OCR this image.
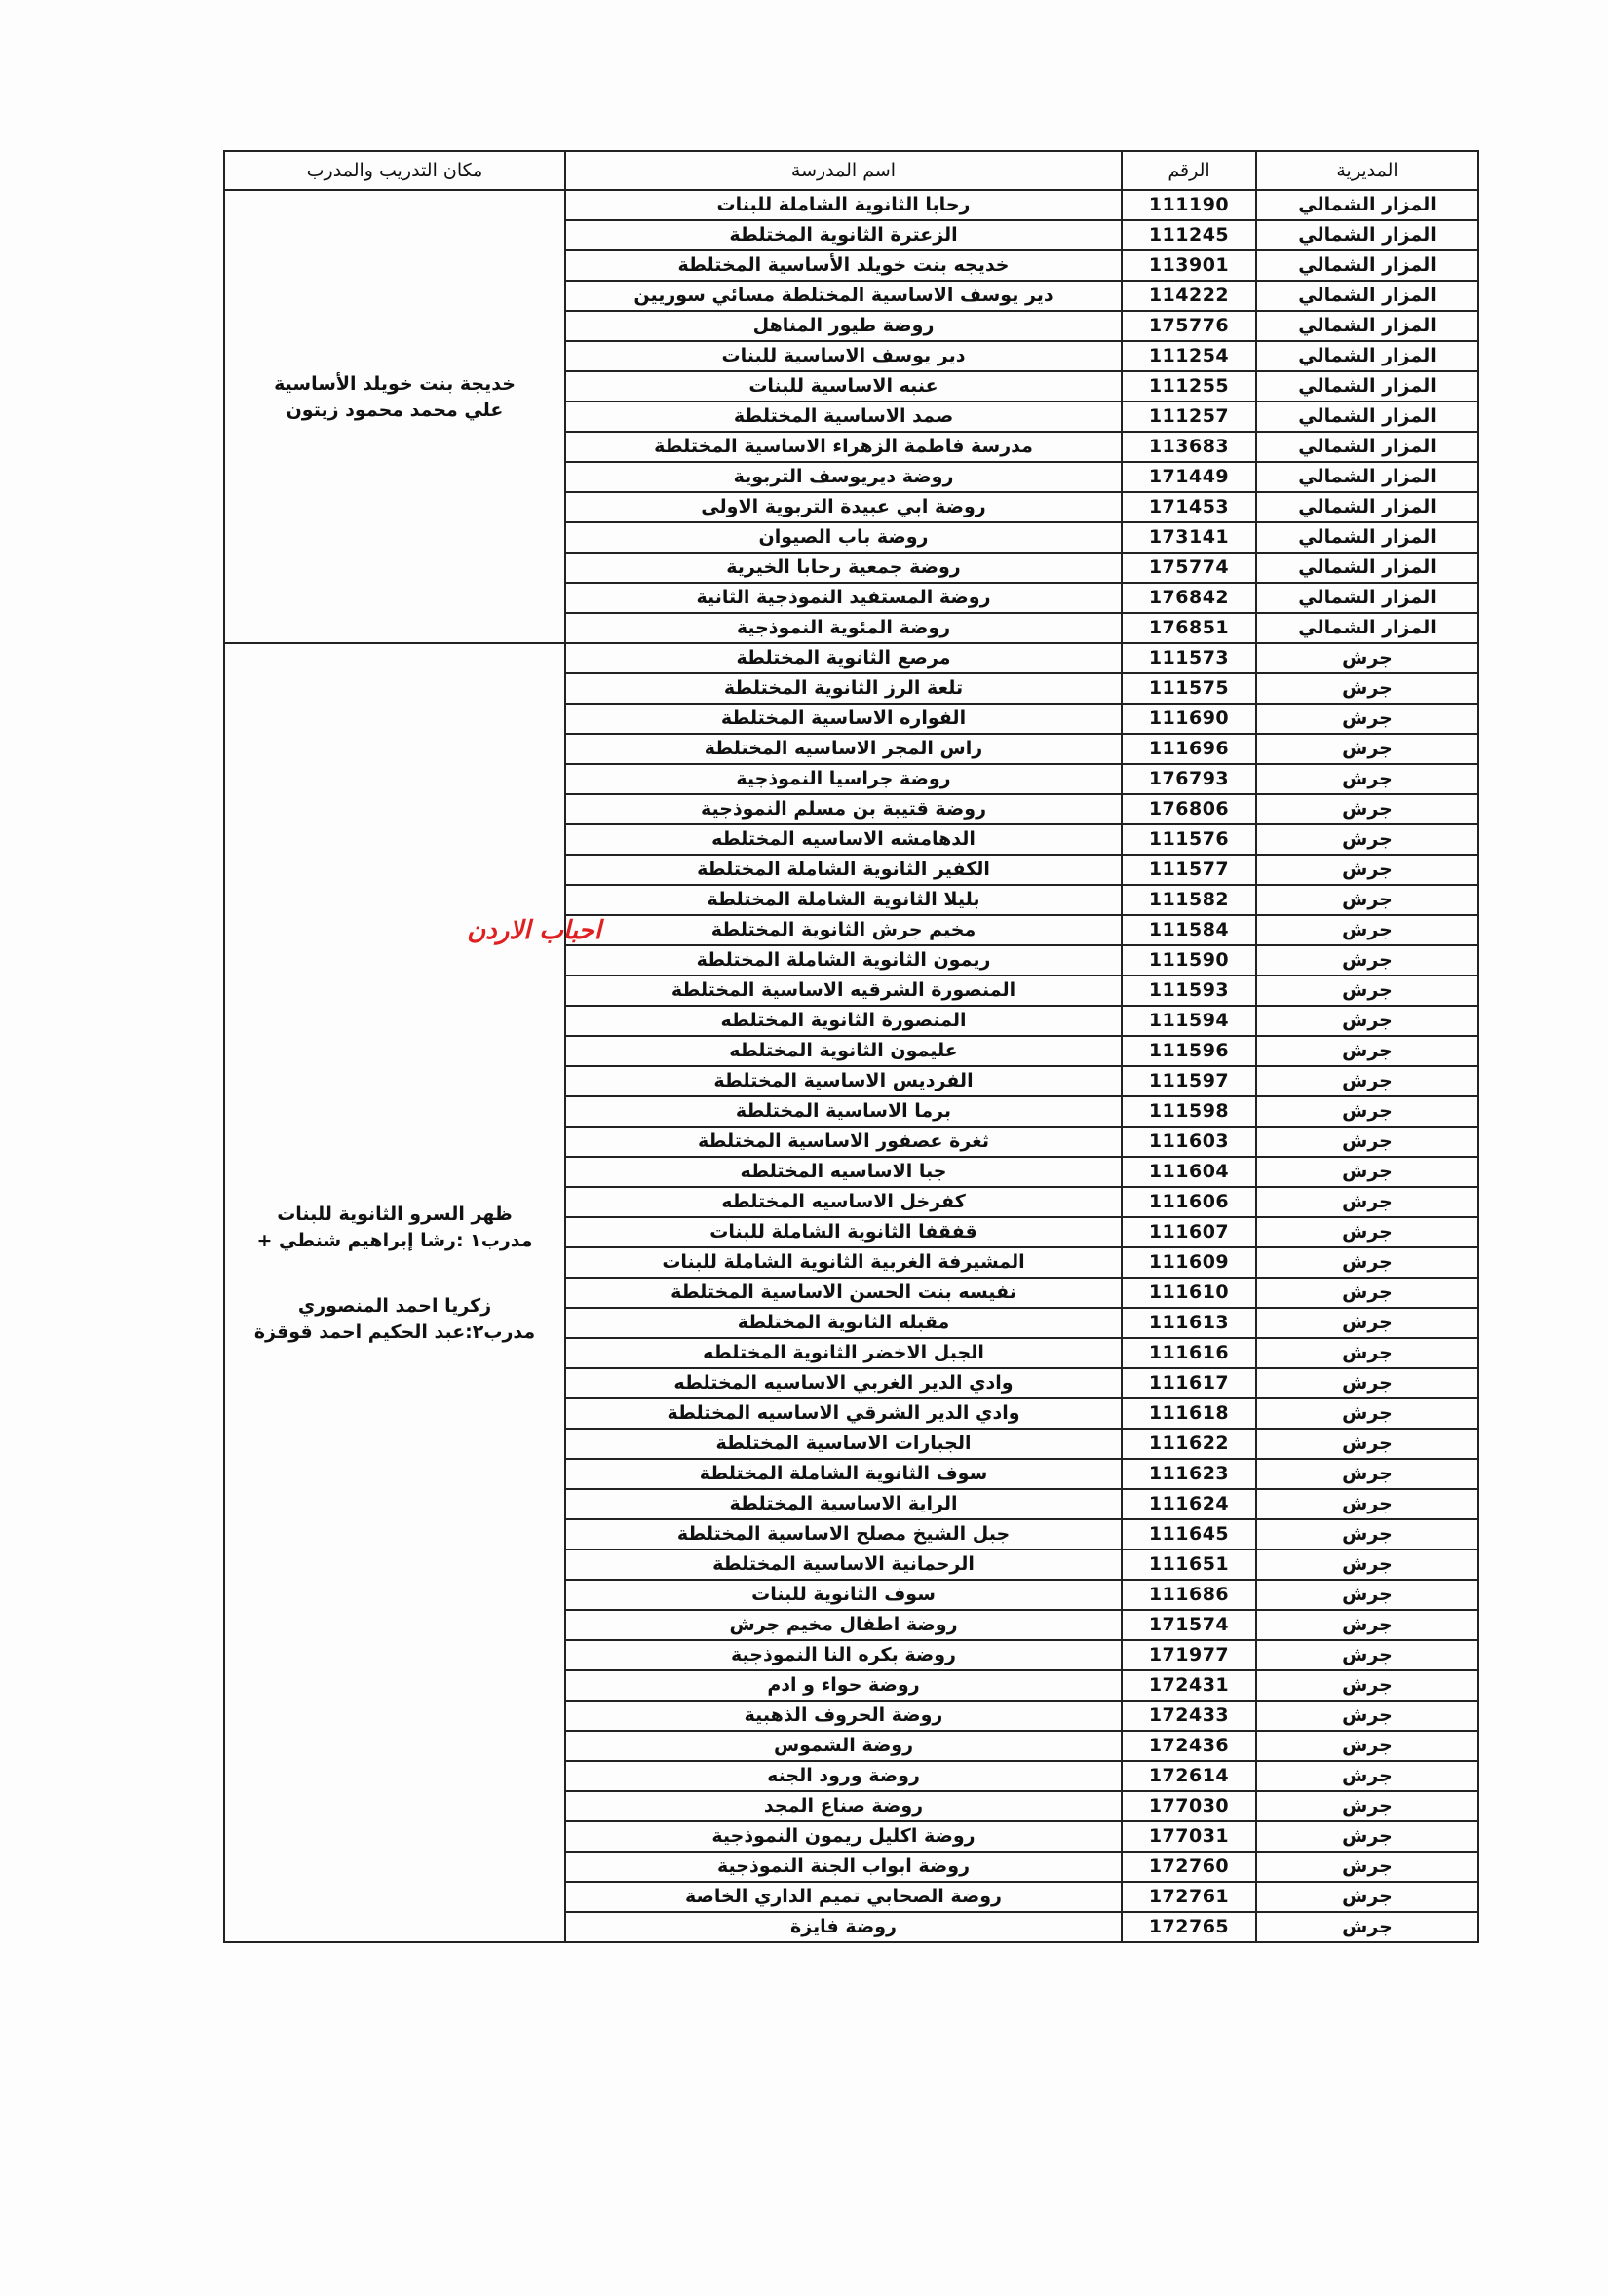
المديرية	الرقم	اسم المدرسة	مكان التدريب والمدرب
المزار الشمالي	111190	رحابا الثانوية الشاملة للبنات	خديجة بنت خويلد الأساسية
علي محمد محمود زيتون

المزار الشمالي	111245	الزعترة الثانوية المختلطة	
المزار الشمالي	113901	خديجه بنت خويلد الأساسية المختلطة	
المزار الشمالي	114222	دير يوسف الاساسية المختلطة مسائي سوريين	
المزار الشمالي	175776	روضة طيور المناهل	
المزار الشمالي	111254	دير يوسف الاساسية للبنات	
المزار الشمالي	111255	عنبه الاساسية للبنات	
المزار الشمالي	111257	صمد الاساسية المختلطة	
المزار الشمالي	113683	مدرسة فاطمة الزهراء الاساسية المختلطة	
المزار الشمالي	171449	روضة ديريوسف التربوية	
المزار الشمالي	171453	روضة ابي عبيدة التربوية الاولى	
المزار الشمالي	173141	روضة باب الصيوان	
المزار الشمالي	175774	روضة جمعية رحابا الخيرية	
المزار الشمالي	176842	روضة المستفيد النموذجية الثانية	
المزار الشمالي	176851	روضة المئوية النموذجية	
جرش	111573	مرصع الثانوية المختلطة	ظهر السرو الثانوية للبنات
مدرب١ :رشا إبراهيم شنطي +
زكريا احمد المنصوري
مدرب٢:عبد الحكيم احمد قوقزة

جرش	111575	تلعة الرز الثانوية المختلطة	
جرش	111690	الفواره الاساسية المختلطة	
جرش	111696	راس المجر الاساسيه المختلطة	
جرش	176793	روضة جراسيا النموذجية	
جرش	176806	روضة قتيبة بن مسلم النموذجية	
جرش	111576	الدهامشه الاساسيه المختلطه	
جرش	111577	الكفير الثانوية الشاملة المختلطة	
جرش	111582	بليلا الثانوية الشاملة المختلطة	
جرش	111584	مخيم جرش الثانوية المختلطة	
جرش	111590	ريمون الثانوية الشاملة المختلطة	
جرش	111593	المنصورة الشرقيه الاساسية المختلطة	
جرش	111594	المنصورة الثانوية المختلطه	
جرش	111596	عليمون الثانوية المختلطه	
جرش	111597	الفرديس الاساسية المختلطة	
جرش	111598	برما الاساسية المختلطة	
جرش	111603	ثغرة عصفور الاساسية المختلطة	
جرش	111604	جبا الاساسيه المختلطه	
جرش	111606	كفرخل الاساسيه المختلطه	
جرش	111607	قفقفا الثانوية الشاملة للبنات	
جرش	111609	المشيرفة الغربية الثانوية الشاملة للبنات	
جرش	111610	نفيسه بنت الحسن الاساسية المختلطة	
جرش	111613	مقبله الثانوية المختلطة	
جرش	111616	الجبل الاخضر الثانوية المختلطه	
جرش	111617	وادي الدير الغربي الاساسيه المختلطه	
جرش	111618	وادي الدير الشرقي الاساسيه المختلطة	
جرش	111622	الجبارات الاساسية المختلطة	
جرش	111623	سوف الثانوية الشاملة المختلطة	
جرش	111624	الراية الاساسية المختلطة	
جرش	111645	جبل الشيخ مصلح الاساسية المختلطة	
جرش	111651	الرحمانية الاساسية المختلطة	
جرش	111686	سوف الثانوية للبنات	
جرش	171574	روضة اطفال مخيم جرش	
جرش	171977	روضة بكره النا النموذجية	
جرش	172431	روضة حواء و ادم	
جرش	172433	روضة الحروف الذهبية	
جرش	172436	روضة الشموس	
جرش	172614	روضة ورود الجنه	
جرش	177030	روضة صناع المجد	
جرش	177031	روضة اكليل ريمون النموذجية	
جرش	172760	روضة ابواب الجنة النموذجية	
جرش	172761	روضة الصحابي تميم الداري الخاصة	
جرش	172765	روضة فايزة	
احباب الاردن
